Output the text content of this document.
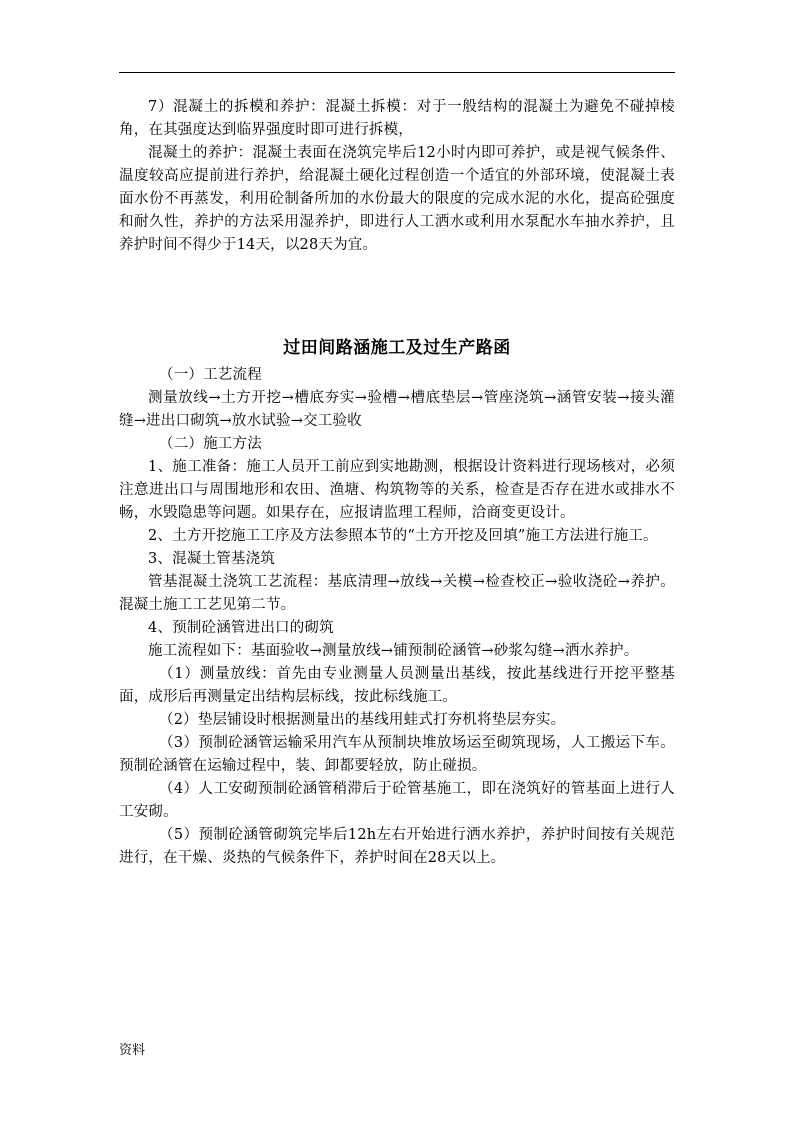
7）混凝土的拆模和养护：混凝土拆模：对于一般结构的混凝土为避免不碰掉棱角，在其强度达到临界强度时即可进行拆模，

混凝土的养护：混凝土表面在浇筑完毕后12小时内即可养护，或是视气候条件、温度较高应提前进行养护，给混凝土硬化过程创造一个适宜的外部环境，使混凝土表面水份不再蒸发，利用砼制备所加的水份最大的限度的完成水泥的水化，提高砼强度和耐久性，养护的方法采用湿养护，即进行人工洒水或利用水泵配水车抽水养护，且养护时间不得少于14天，以28天为宜。

过田间路涵施工及过生产路函

（一）工艺流程

测量放线→土方开挖→槽底夯实→验槽→槽底垫层→管座浇筑→涵管安装→接头灌缝→进出口砌筑→放水试验→交工验收

（二）施工方法

1、施工准备：施工人员开工前应到实地勘测，根据设计资料进行现场核对，必须注意进出口与周围地形和农田、渔塘、构筑物等的关系，检查是否存在进水或排水不畅，水毁隐患等问题。如果存在，应报请监理工程师，洽商变更设计。

2、土方开挖施工工序及方法参照本节的“土方开挖及回填”施工方法进行施工。

3、混凝土管基浇筑

管基混凝土浇筑工艺流程：基底清理→放线→关模→检查校正→验收浇砼→养护。混凝土施工工艺见第二节。

4、预制砼涵管进出口的砌筑

施工流程如下：基面验收→测量放线→铺预制砼涵管→砂浆勾缝→洒水养护。

（1）测量放线：首先由专业测量人员测量出基线，按此基线进行开挖平整基面，成形后再测量定出结构层标线，按此标线施工。

（2）垫层铺设时根据测量出的基线用蛙式打夯机将垫层夯实。

（3）预制砼涵管运输采用汽车从预制块堆放场运至砌筑现场，人工搬运下车。预制砼涵管在运输过程中，装、卸都要轻放，防止碰损。

（4）人工安砌预制砼涵管稍滞后于砼管基施工，即在浇筑好的管基面上进行人工安砌。

（5）预制砼涵管砌筑完毕后12h左右开始进行洒水养护，养护时间按有关规范进行，在干燥、炎热的气候条件下，养护时间在28天以上。

资料
